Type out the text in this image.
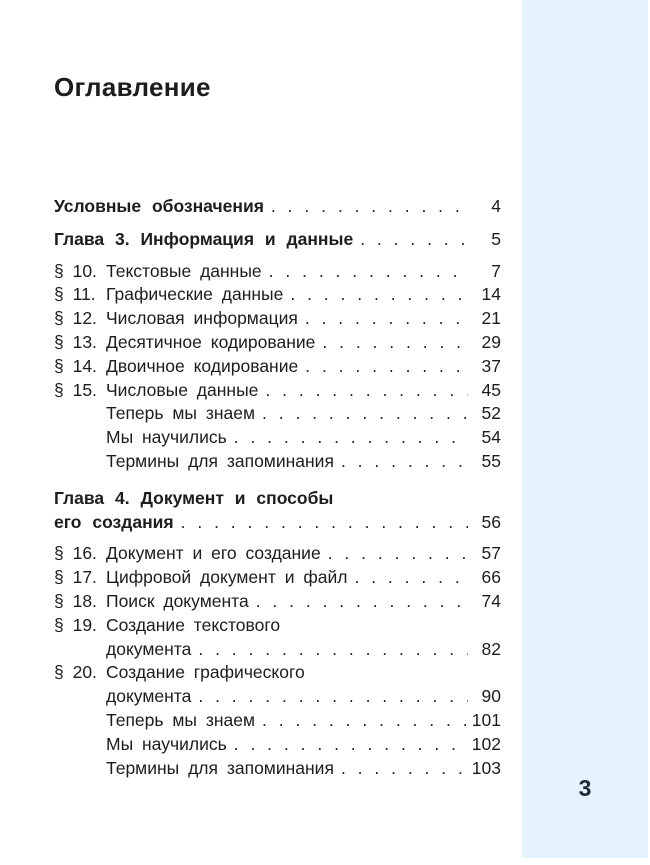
3
Оглавление
Условные обозначения . . .	4
Глава 3. Информация и данные . . .	5
§ 10. Текстовые данные . . .	7
§ 11. Графические данные . . .	14
§ 12. Числовая информация . . .	21
§ 13. Десятичное кодирование . . .	29
§ 14. Двоичное кодирование . . .	37
§ 15. Числовые данные . . .	45
Теперь мы знаем . . .	52
Мы научились . . .	54
Термины для запоминания . . .	55
Глава 4. Документ и способы
его создания . . .	56
§ 16. Документ и его создание . . .	57
§ 17. Цифровой документ и файл . . .	66
§ 18. Поиск документа . . .	74
§ 19. Создание текстового
документа . . .	82
§ 20. Создание графического
документа . . .	90
Теперь мы знаем . . .	101
Мы научились . . .	102
Термины для запоминания . . .	103
